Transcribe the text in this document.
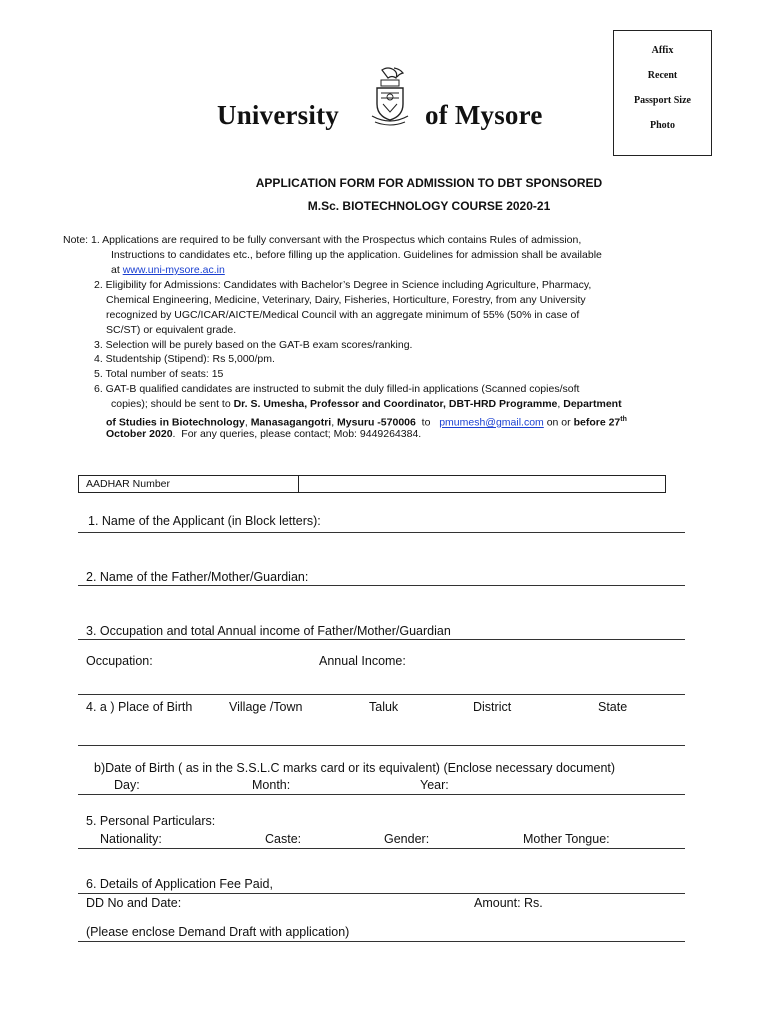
Affix
Recent
Passport Size
Photo
University	of Mysore
APPLICATION FORM FOR ADMISSION TO DBT SPONSORED
M.Sc. BIOTECHNOLOGY COURSE 2020-21
Note: 1. Applications are required to be fully conversant with the Prospectus which contains Rules of admission,
Instructions to candidates etc., before filling up the application. Guidelines for admission shall be available
at www.uni-mysore.ac.in
2. Eligibility for Admissions: Candidates with Bachelor’s Degree in Science including Agriculture, Pharmacy,
Chemical Engineering, Medicine, Veterinary, Dairy, Fisheries, Horticulture, Forestry, from any University
recognized by UGC/ICAR/AICTE/Medical Council with an aggregate minimum of 55% (50% in case of
SC/ST) or equivalent grade.
3. Selection will be purely based on the GAT-B exam scores/ranking.
4. Studentship (Stipend): Rs 5,000/pm.
5. Total number of seats: 15
6. GAT-B qualified candidates are instructed to submit the duly filled-in applications (Scanned copies/soft
copies); should be sent to Dr. S. Umesha, Professor and Coordinator, DBT-HRD Programme, Department
of Studies in Biotechnology, Manasagangotri, Mysuru -570006  to   pmumesh@gmail.com on or before 27th
October 2020.  For any queries, please contact; Mob: 9449264384.
AADHAR Number
1. Name of the Applicant (in Block letters):
2. Name of the Father/Mother/Guardian:
3. Occupation and total Annual income of Father/Mother/Guardian
Occupation:	Annual Income:
4. a ) Place of Birth	Village /Town	Taluk	District	State
b)Date of Birth ( as in the S.S.L.C marks card or its equivalent) (Enclose necessary document)
Day:	Month:	Year:
5. Personal Particulars:
Nationality:	Caste:	Gender:	Mother Tongue:
6. Details of Application Fee Paid,
DD No and Date:	Amount: Rs.
(Please enclose Demand Draft with application)
